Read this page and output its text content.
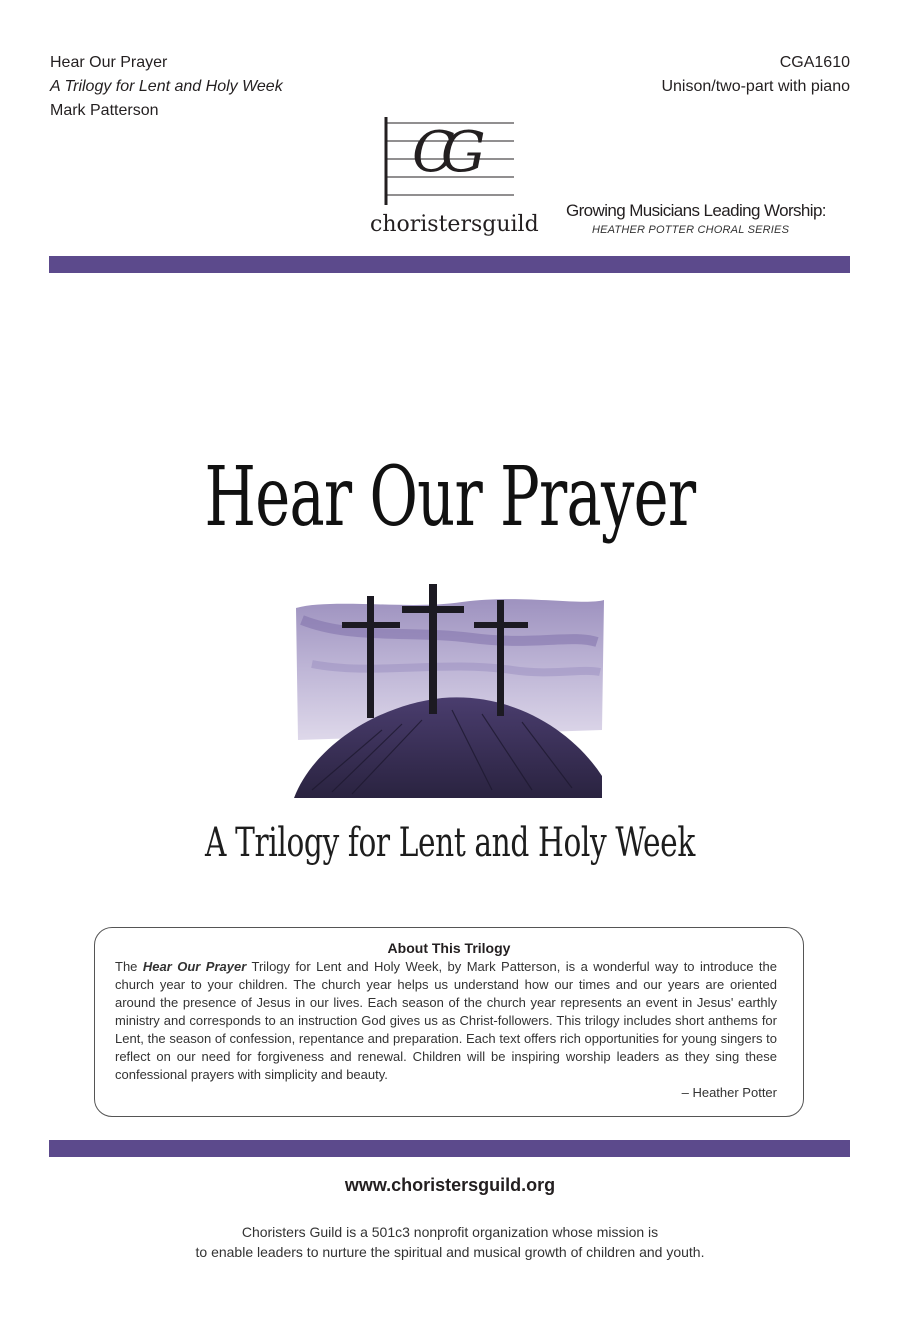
Hear Our Prayer
A Trilogy for Lent and Holy Week
Mark Patterson
CGA1610
Unison/two-part with piano
CG
choristersguild
Growing Musicians Leading Worship:
HEATHER POTTER CHORAL SERIES
Hear Our Prayer
A Trilogy for Lent and Holy Week
About This Trilogy
The Hear Our Prayer Trilogy for Lent and Holy Week, by Mark Patterson, is a wonderful way to introduce the church year to your children. The church year helps us understand how our times and our years are oriented around the presence of Jesus in our lives. Each season of the church year represents an event in Jesus' earthly ministry and corresponds to an instruction God gives us as Christ-followers. This trilogy includes short anthems for Lent, the season of confession, repentance and preparation. Each text offers rich opportunities for young singers to reflect on our need for forgiveness and renewal. Children will be inspiring worship leaders as they sing these confessional prayers with simplicity and beauty.
– Heather Potter
www.choristersguild.org
Choristers Guild is a 501c3 nonprofit organization whose mission is
to enable leaders to nurture the spiritual and musical growth of children and youth.
